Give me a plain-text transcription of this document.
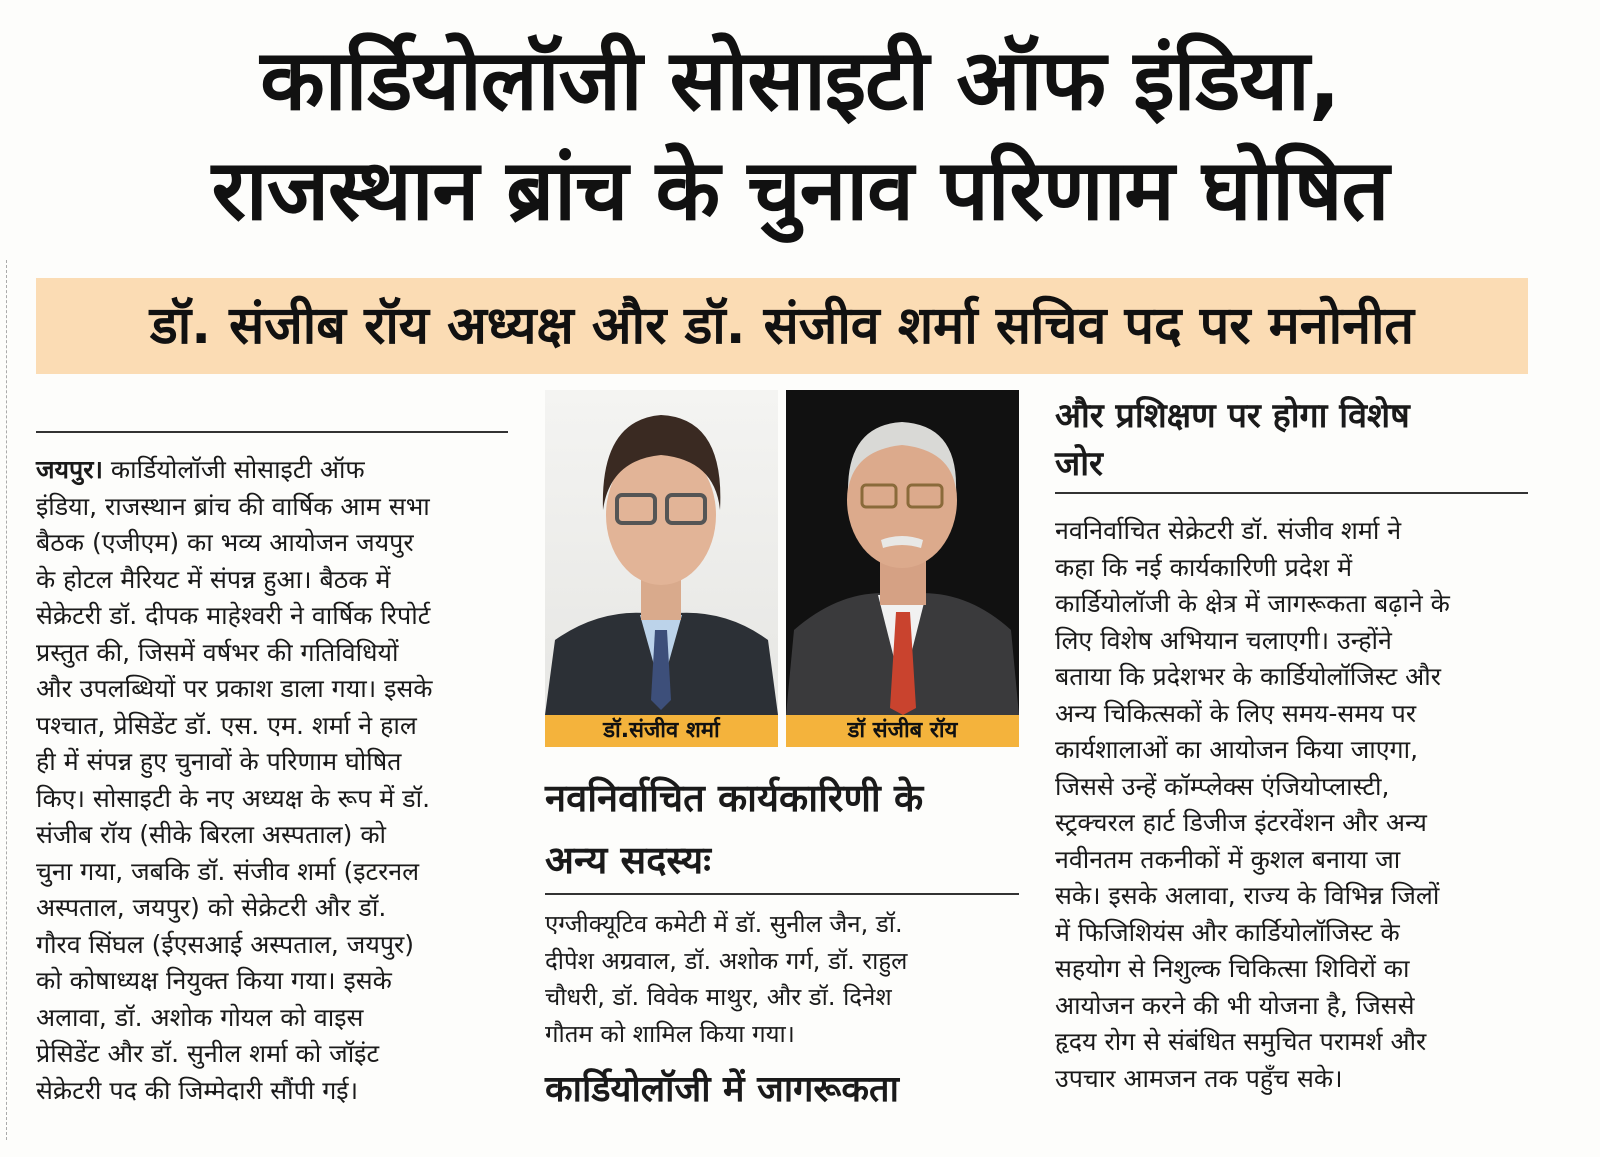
कार्डियोलॉजी सोसाइटी ऑफ इंडिया,
राजस्थान ब्रांच के चुनाव परिणाम घोषित
डॉ. संजीब रॉय अध्यक्ष और डॉ. संजीव शर्मा सचिव पद पर मनोनीत
जयपुर। कार्डियोलॉजी सोसाइटी ऑफ
इंडिया, राजस्थान ब्रांच की वार्षिक आम सभा
बैठक (एजीएम) का भव्य आयोजन जयपुर
के होटल मैरियट में संपन्न हुआ। बैठक में
सेक्रेटरी डॉ. दीपक माहेश्वरी ने वार्षिक रिपोर्ट
प्रस्तुत की, जिसमें वर्षभर की गतिविधियों
और उपलब्धियों पर प्रकाश डाला गया। इसके
पश्चात, प्रेसिडेंट डॉ. एस. एम. शर्मा ने हाल
ही में संपन्न हुए चुनावों के परिणाम घोषित
किए। सोसाइटी के नए अध्यक्ष के रूप में डॉ.
संजीब रॉय (सीके बिरला अस्पताल) को
चुना गया, जबकि डॉ. संजीव शर्मा (इटरनल
अस्पताल, जयपुर) को सेक्रेटरी और डॉ.
गौरव सिंघल (ईएसआई अस्पताल, जयपुर)
को कोषाध्यक्ष नियुक्त किया गया। इसके
अलावा, डॉ. अशोक गोयल को वाइस
प्रेसिडेंट और डॉ. सुनील शर्मा को जॉइंट
सेक्रेटरी पद की जिम्मेदारी सौंपी गई।
डॉ.संजीव शर्मा	डॉ संजीब रॉय
नवनिर्वाचित कार्यकारिणी के
अन्य सदस्यः
एग्जीक्यूटिव कमेटी में डॉ. सुनील जैन, डॉ.
दीपेश अग्रवाल, डॉ. अशोक गर्ग, डॉ. राहुल
चौधरी, डॉ. विवेक माथुर, और डॉ. दिनेश
गौतम को शामिल किया गया।
कार्डियोलॉजी में जागरूकता
और प्रशिक्षण पर होगा विशेष
जोर
नवनिर्वाचित सेक्रेटरी डॉ. संजीव शर्मा ने
कहा कि नई कार्यकारिणी प्रदेश में
कार्डियोलॉजी के क्षेत्र में जागरूकता बढ़ाने के
लिए विशेष अभियान चलाएगी। उन्होंने
बताया कि प्रदेशभर के कार्डियोलॉजिस्ट और
अन्य चिकित्सकों के लिए समय-समय पर
कार्यशालाओं का आयोजन किया जाएगा,
जिससे उन्हें कॉम्प्लेक्स एंजियोप्लास्टी,
स्ट्रक्चरल हार्ट डिजीज इंटरवेंशन और अन्य
नवीनतम तकनीकों में कुशल बनाया जा
सके। इसके अलावा, राज्य के विभिन्न जिलों
में फिजिशियंस और कार्डियोलॉजिस्ट के
सहयोग से निशुल्क चिकित्सा शिविरों का
आयोजन करने की भी योजना है, जिससे
हृदय रोग से संबंधित समुचित परामर्श और
उपचार आमजन तक पहुँच सके।
